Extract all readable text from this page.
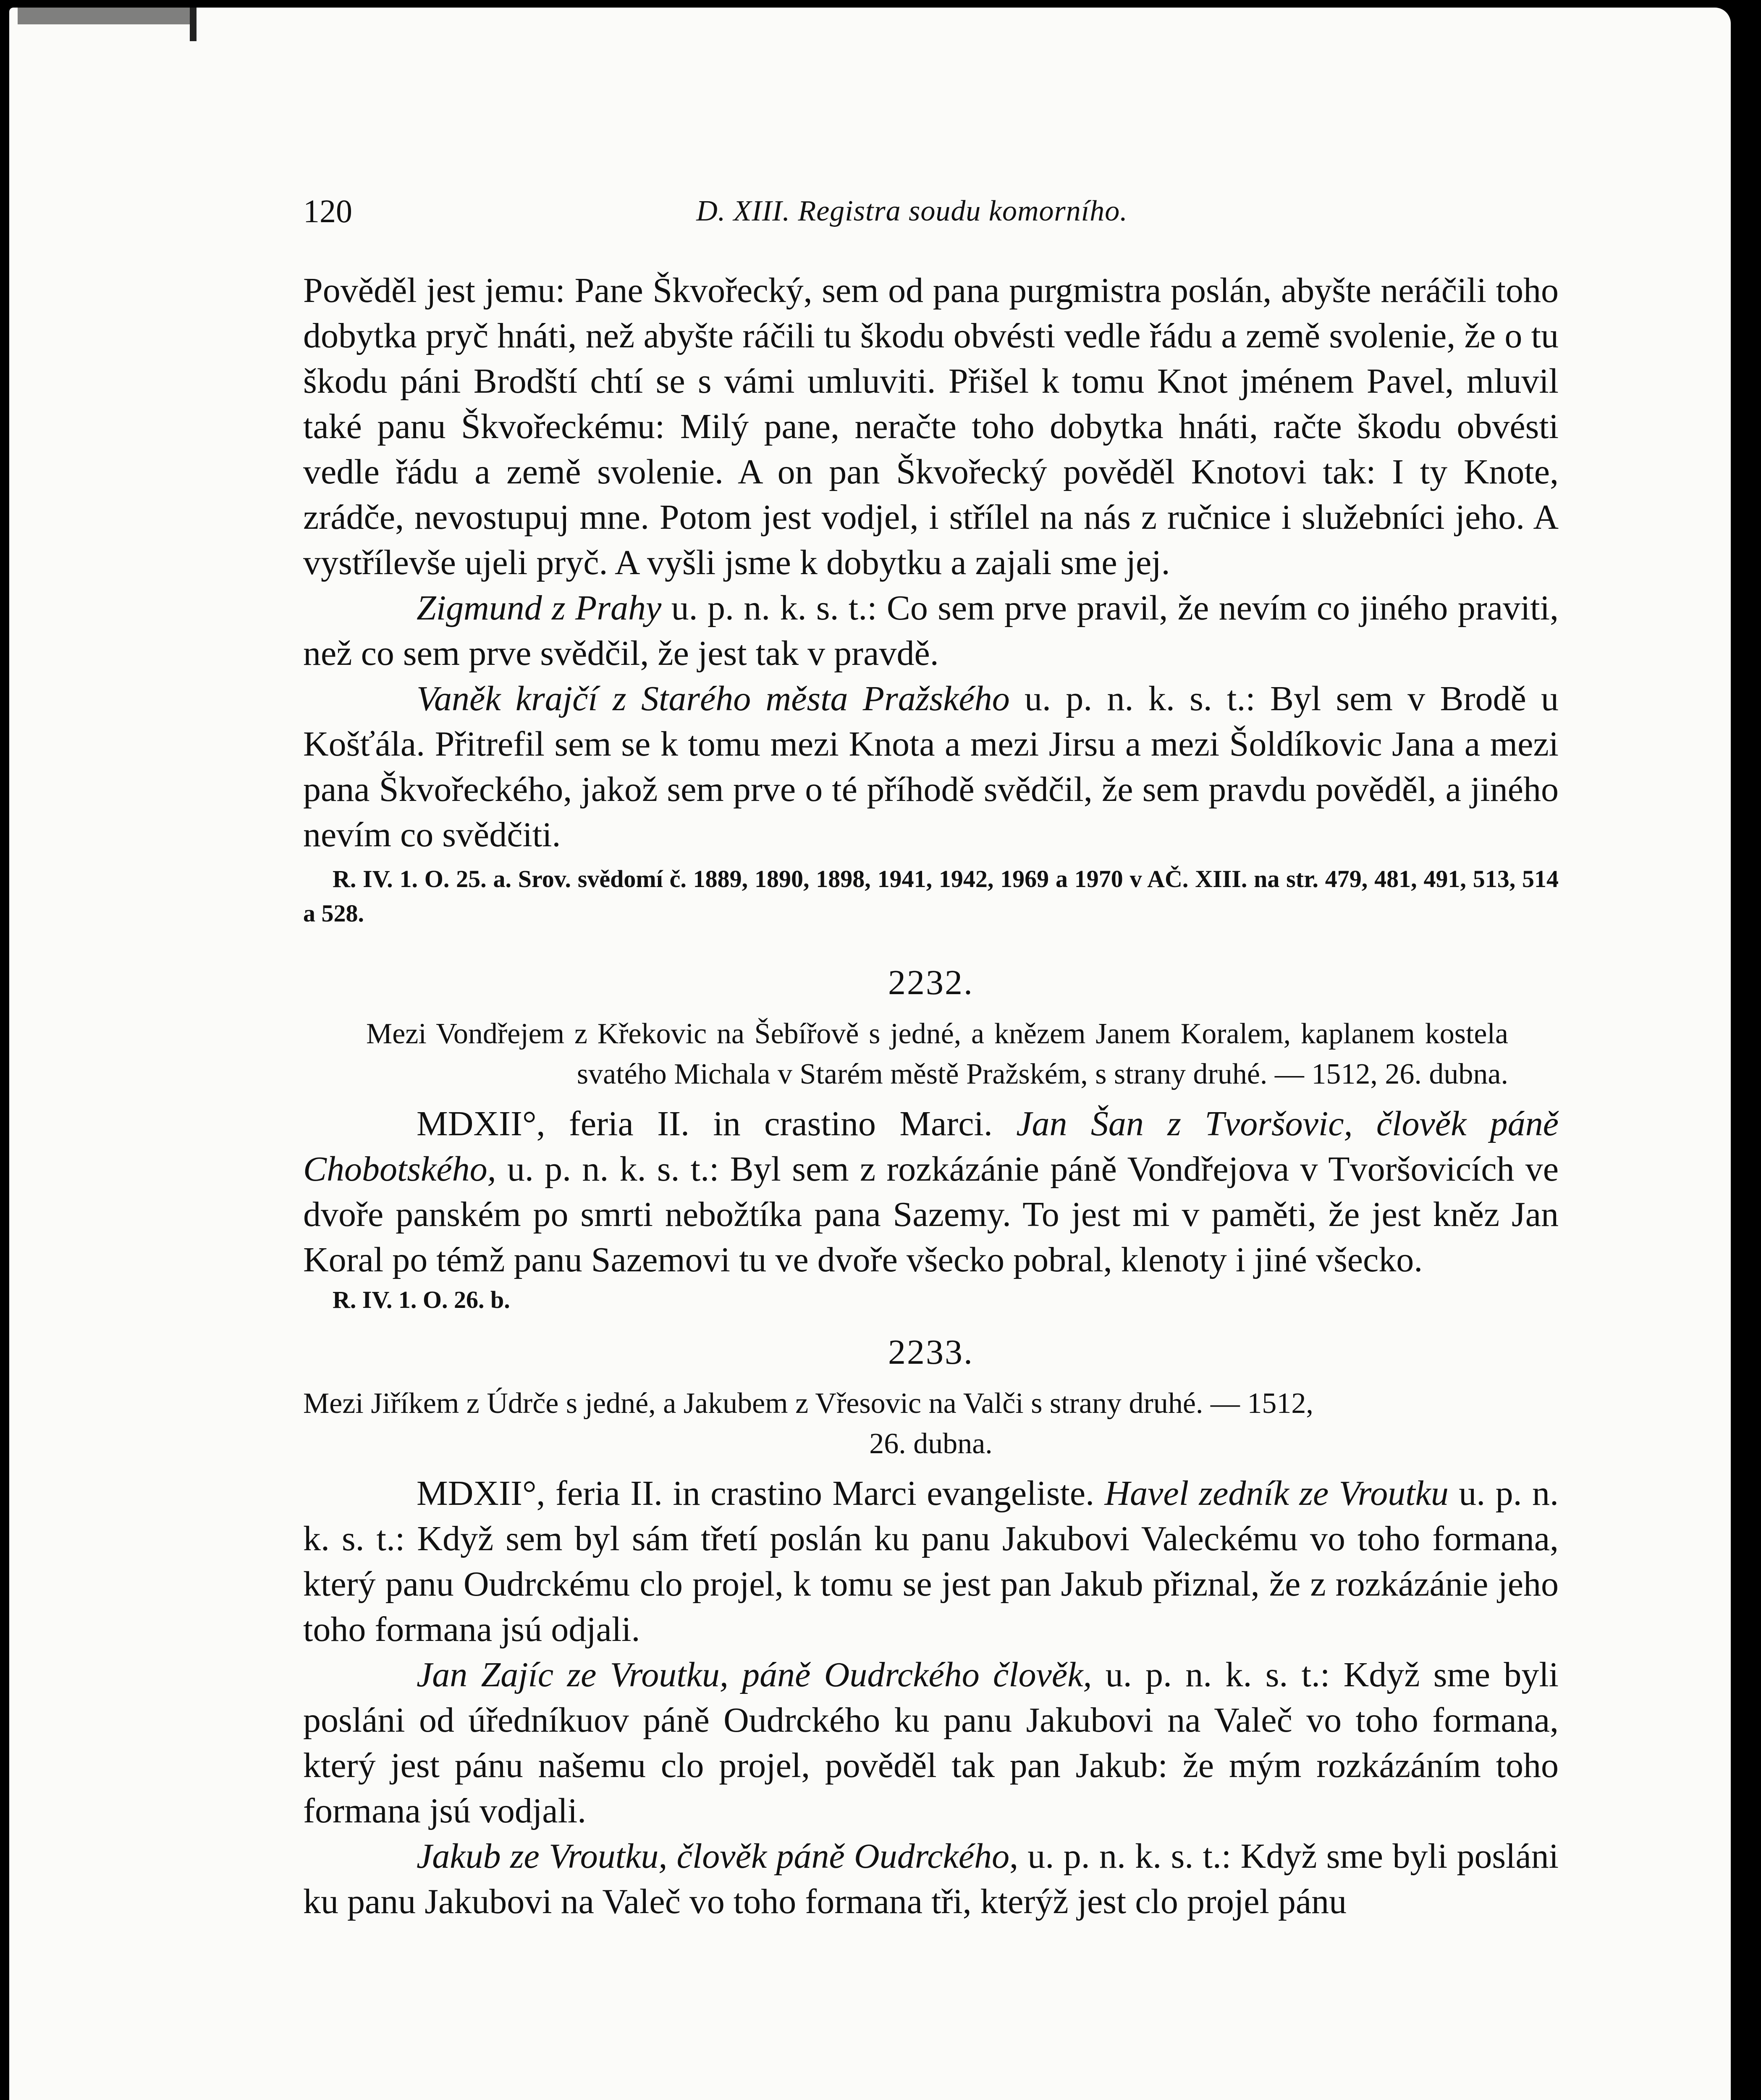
120	D. XIII. Registra soudu komorního.

Pověděl jest jemu: Pane Škvořecký, sem od pana purgmistra poslán, abyšte neráčili toho dobytka pryč hnáti, než abyšte ráčili tu škodu obvésti vedle řádu a země svolenie, že o tu škodu páni Brodští chtí se s vámi umluviti. Přišel k tomu Knot jménem Pavel, mluvil také panu Škvořeckému: Milý pane, neračte toho dobytka hnáti, račte škodu obvésti vedle řádu a země svolenie. A on pan Škvořecký pověděl Knotovi tak: I ty Knote, zrádče, nevostupuj mne. Potom jest vodjel, i střílel na nás z ručnice i služebníci jeho. A vystřílevše ujeli pryč. A vyšli jsme k dobytku a zajali sme jej.

Zigmund z Prahy u. p. n. k. s. t.: Co sem prve pravil, že nevím co jiného praviti, než co sem prve svědčil, že jest tak v pravdě.

Vaněk krajčí z Starého města Pražského u. p. n. k. s. t.: Byl sem v Brodě u Košťála. Přitrefil sem se k tomu mezi Knota a mezi Jirsu a mezi Šoldíkovic Jana a mezi pana Škvořeckého, jakož sem prve o té příhodě svědčil, že sem pravdu pověděl, a jiného nevím co svědčiti.

R. IV. 1. O. 25. a. Srov. svědomí č. 1889, 1890, 1898, 1941, 1942, 1969 a 1970 v AČ. XIII. na str. 479, 481, 491, 513, 514 a 528.
2232.
Mezi Vondřejem z Křekovic na Šebířově s jedné, a knězem Janem Koralem, kaplanem kostela svatého Michala v Starém městě Pražském, s strany druhé. — 1512, 26. dubna.

MDXII°, feria II. in crastino Marci. Jan Šan z Tvoršovic, člověk páně Chobotského, u. p. n. k. s. t.: Byl sem z rozkázánie páně Vondřejova v Tvoršovicích ve dvoře panském po smrti nebožtíka pana Sazemy. To jest mi v paměti, že jest kněz Jan Koral po témž panu Sazemovi tu ve dvoře všecko pobral, klenoty i jiné všecko.

R. IV. 1. O. 26. b.
2233.
Mezi Jiříkem z Údrče s jedné, a Jakubem z Vřesovic na Valči s strany druhé. — 1512,
26. dubna.

MDXII°, feria II. in crastino Marci evangeliste. Havel zedník ze Vroutku u. p. n. k. s. t.: Když sem byl sám třetí poslán ku panu Jakubovi Valeckému vo toho formana, který panu Oudrckému clo projel, k tomu se jest pan Jakub přiznal, že z rozkázánie jeho toho formana jsú odjali.

Jan Zajíc ze Vroutku, páně Oudrckého člověk, u. p. n. k. s. t.: Když sme byli posláni od úředníkuov páně Oudrckého ku panu Jakubovi na Valeč vo toho formana, který jest pánu našemu clo projel, pověděl tak pan Jakub: že mým rozkázáním toho formana jsú vodjali.

Jakub ze Vroutku, člověk páně Oudrckého, u. p. n. k. s. t.: Když sme byli posláni ku panu Jakubovi na Valeč vo toho formana tři, kterýž jest clo projel pánu
